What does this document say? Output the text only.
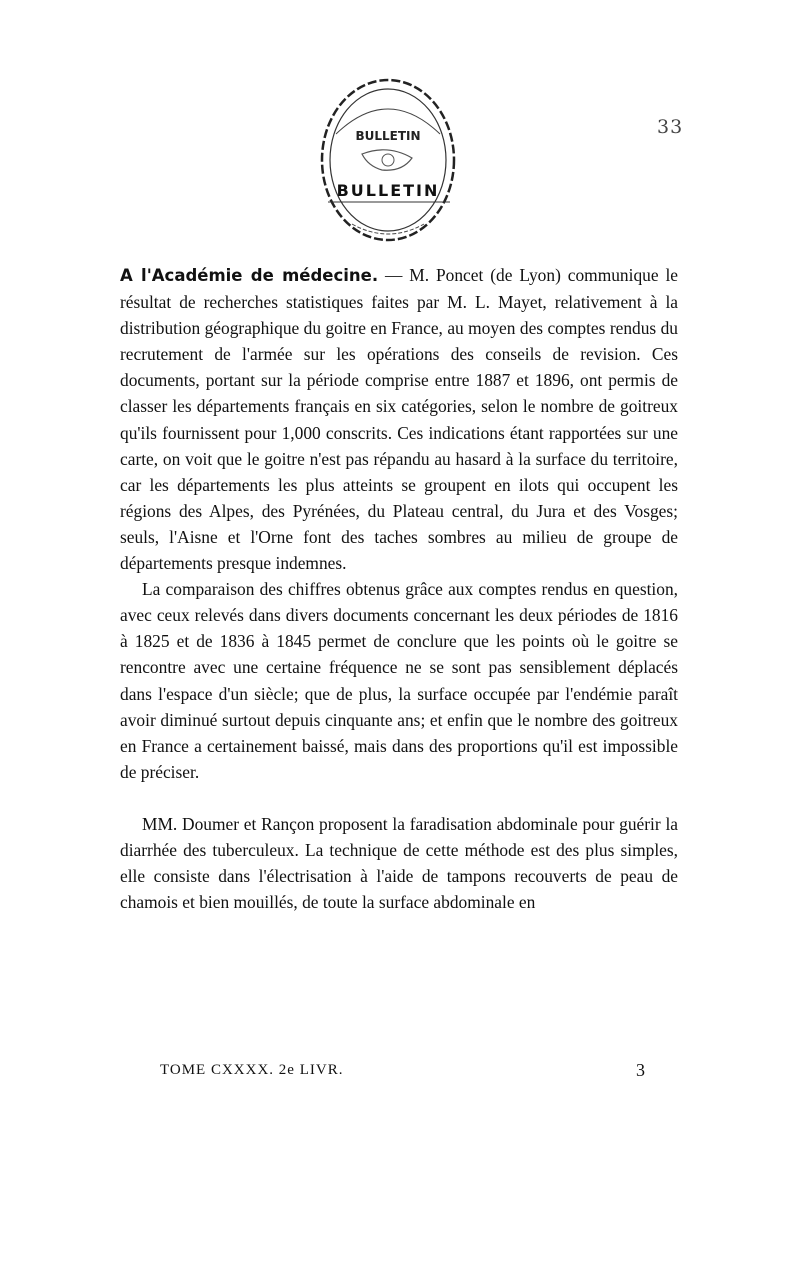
BULLETIN
BULLETIN
33

A l'Académie de médecine. — M. Poncet (de Lyon) communique le résultat de recherches statistiques faites par M. L. Mayet, relativement à la distribution géographique du goitre en France, au moyen des comptes rendus du recrutement de l'armée sur les opérations des conseils de revision. Ces documents, portant sur la période comprise entre 1887 et 1896, ont permis de classer les départements français en six catégories, selon le nombre de goitreux qu'ils fournissent pour 1,000 conscrits. Ces indications étant rapportées sur une carte, on voit que le goitre n'est pas répandu au hasard à la surface du territoire, car les départements les plus atteints se groupent en ilots qui occupent les régions des Alpes, des Pyrénées, du Plateau central, du Jura et des Vosges; seuls, l'Aisne et l'Orne font des taches sombres au milieu de groupe de départements presque indemnes.

La comparaison des chiffres obtenus grâce aux comptes rendus en question, avec ceux relevés dans divers documents concernant les deux périodes de 1816 à 1825 et de 1836 à 1845 permet de conclure que les points où le goitre se rencontre avec une certaine fréquence ne se sont pas sensiblement déplacés dans l'espace d'un siècle; que de plus, la surface occupée par l'endémie paraît avoir diminué surtout depuis cinquante ans; et enfin que le nombre des goitreux en France a certainement baissé, mais dans des proportions qu'il est impossible de préciser.

MM. Doumer et Rançon proposent la faradisation abdominale pour guérir la diarrhée des tuberculeux. La technique de cette méthode est des plus simples, elle consiste dans l'électrisation à l'aide de tampons recouverts de peau de chamois et bien mouillés, de toute la surface abdominale en

TOME CXXXX. 2e LIVR.	3
